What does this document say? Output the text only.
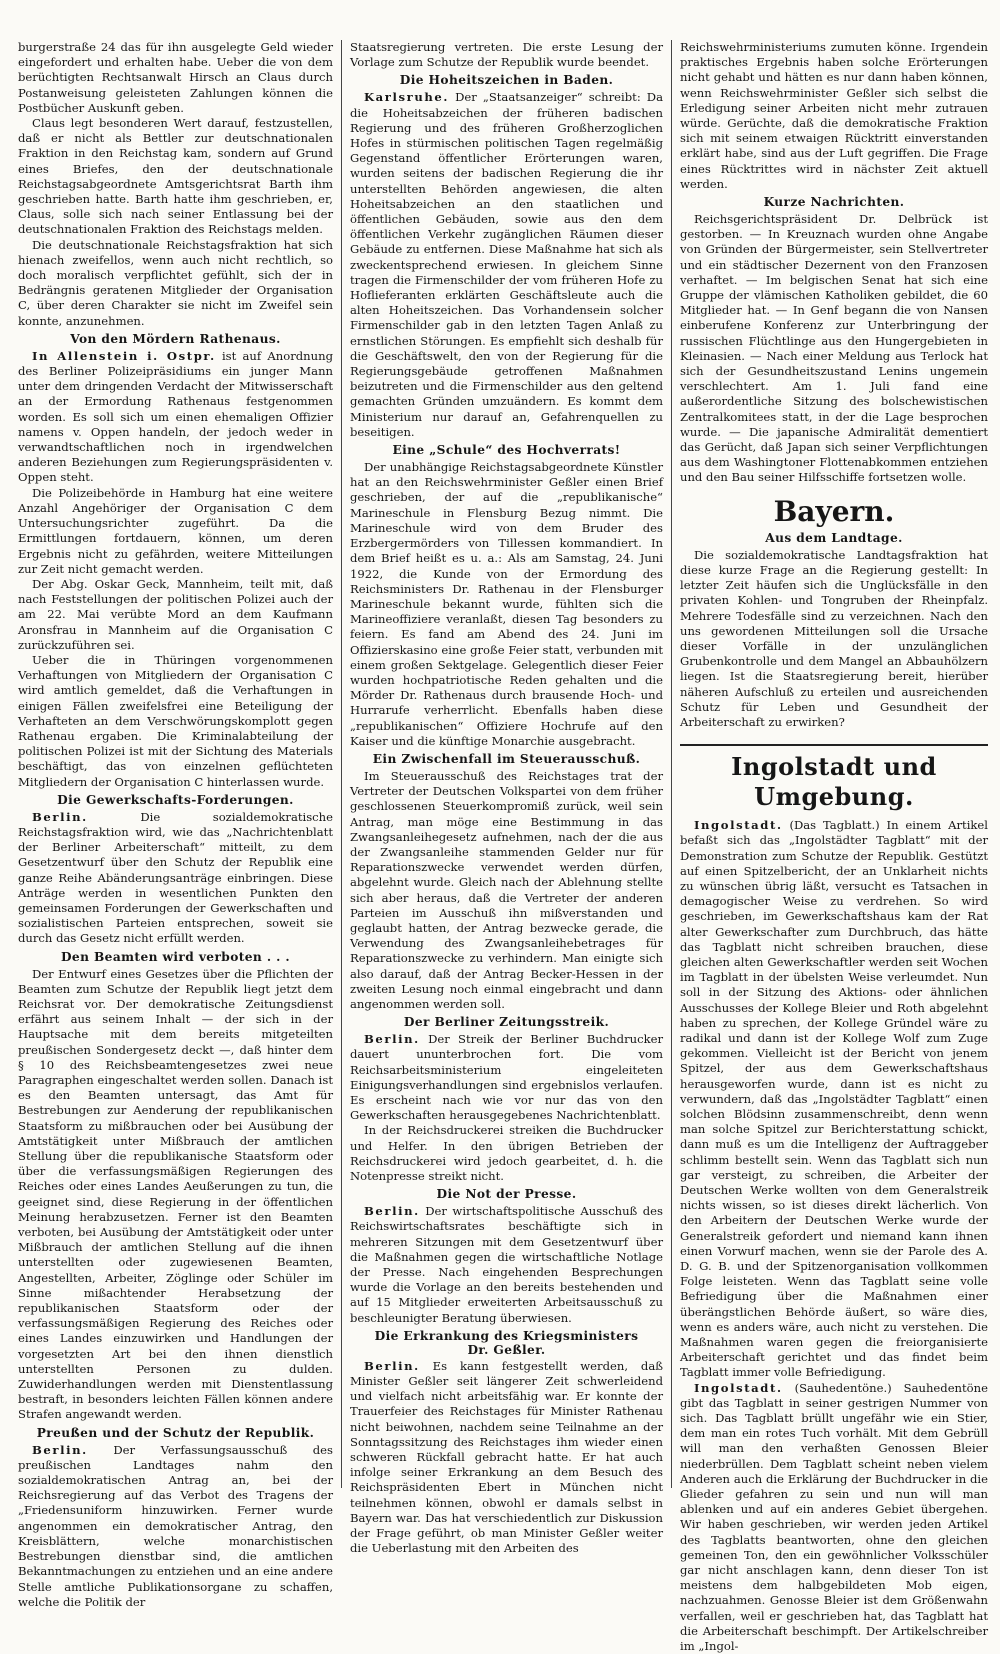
burgerstraße 24 das für ihn ausgelegte Geld wieder eingefordert und erhalten habe. Ueber die von dem berüchtigten Rechtsanwalt Hirsch an Claus durch Postanweisung geleisteten Zahlungen können die Postbücher Auskunft geben.

Claus legt besonderen Wert darauf, festzustellen, daß er nicht als Bettler zur deutschnationalen Fraktion in den Reichstag kam, sondern auf Grund eines Briefes, den der deutschnationale Reichstagsabgeordnete Amtsgerichtsrat Barth ihm geschrieben hatte. Barth hatte ihm geschrieben, er, Claus, solle sich nach seiner Entlassung bei der deutschnationalen Fraktion des Reichstags melden.

Die deutschnationale Reichstagsfraktion hat sich hienach zweifellos, wenn auch nicht rechtlich, so doch moralisch verpflichtet gefühlt, sich der in Bedrängnis geratenen Mitglieder der Organisation C, über deren Charakter sie nicht im Zweifel sein konnte, anzunehmen.

Von den Mördern Rathenaus.

In Allenstein i. Ostpr. ist auf Anordnung des Berliner Polizeipräsidiums ein junger Mann unter dem dringenden Verdacht der Mitwisserschaft an der Ermordung Rathenaus festgenommen worden. Es soll sich um einen ehemaligen Offizier namens v. Oppen handeln, der jedoch weder in verwandtschaftlichen noch in irgendwelchen anderen Beziehungen zum Regierungspräsidenten v. Oppen steht.

Die Polizeibehörde in Hamburg hat eine weitere Anzahl Angehöriger der Organisation C dem Untersuchungsrichter zugeführt. Da die Ermittlungen fortdauern, können, um deren Ergebnis nicht zu gefährden, weitere Mitteilungen zur Zeit nicht gemacht werden.

Der Abg. Oskar Geck, Mannheim, teilt mit, daß nach Feststellungen der politischen Polizei auch der am 22. Mai verübte Mord an dem Kaufmann Aronsfrau in Mannheim auf die Organisation C zurückzuführen sei.

Ueber die in Thüringen vorgenommenen Verhaftungen von Mitgliedern der Organisation C wird amtlich gemeldet, daß die Verhaftungen in einigen Fällen zweifelsfrei eine Beteiligung der Verhafteten an dem Verschwörungskomplott gegen Rathenau ergaben. Die Kriminalabteilung der politischen Polizei ist mit der Sichtung des Materials beschäftigt, das von einzelnen geflüchteten Mitgliedern der Organisation C hinterlassen wurde.

Die Gewerkschafts-Forderungen.

Berlin.	Die sozialdemokratische Reichstagsfraktion wird, wie das „Nachrichtenblatt der Berliner Arbeiterschaft“ mitteilt, zu dem Gesetzentwurf über den Schutz der Republik eine ganze Reihe Abänderungsanträge einbringen. Diese Anträge werden in wesentlichen Punkten den gemeinsamen Forderungen der Gewerkschaften und sozialistischen Parteien entsprechen, soweit sie durch das Gesetz nicht erfüllt werden.

Den Beamten wird verboten . . .

Der Entwurf eines Gesetzes über die Pflichten der Beamten zum Schutze der Republik liegt jetzt dem Reichsrat vor. Der demokratische Zeitungsdienst erfährt aus seinem Inhalt — der sich in der Hauptsache mit dem bereits mitgeteilten preußischen Sondergesetz deckt —, daß hinter dem § 10 des Reichsbeamtengesetzes zwei neue Paragraphen eingeschaltet werden sollen. Danach ist es den Beamten untersagt, das Amt für Bestrebungen zur Aenderung der republikanischen Staatsform zu mißbrauchen oder bei Ausübung der Amtstätigkeit unter Mißbrauch der amtlichen Stellung über die republikanische Staatsform oder über die verfassungsmäßigen Regierungen des Reiches oder eines Landes Aeußerungen zu tun, die geeignet sind, diese Regierung in der öffentlichen Meinung herabzusetzen. Ferner ist den Beamten verboten, bei Ausübung der Amtstätigkeit oder unter Mißbrauch der amtlichen Stellung auf die ihnen unterstellten oder zugewiesenen Beamten, Angestellten, Arbeiter, Zöglinge oder Schüler im Sinne mißachtender Herabsetzung der republikanischen Staatsform oder der verfassungsmäßigen Regierung des Reiches oder eines Landes einzuwirken und Handlungen der vorgesetzten Art bei den ihnen dienstlich unterstellten Personen zu dulden. Zuwiderhandlungen werden mit Dienstentlassung bestraft, in besonders leichten Fällen können andere Strafen angewandt werden.

Preußen und der Schutz der Republik.

Berlin. Der Verfassungsausschuß des preußischen Landtages nahm den sozialdemokratischen Antrag an, bei der Reichsregierung auf das Verbot des Tragens der „Friedensuniform hinzuwirken. Ferner wurde angenommen ein demokratischer Antrag, den Kreisblättern, welche monarchistischen Bestrebungen dienstbar sind, die amtlichen Bekanntmachungen zu entziehen und an eine andere Stelle amtliche Publikationsorgane zu schaffen, welche die Politik der

Staatsregierung vertreten. Die erste Lesung der Vorlage zum Schutze der Republik wurde beendet.

Die Hoheitszeichen in Baden.

Karlsruhe. Der „Staatsanzeiger“ schreibt: Da die Hoheitsabzeichen der früheren badischen Regierung und des früheren Großherzoglichen Hofes in stürmischen politischen Tagen regelmäßig Gegenstand öffentlicher Erörterungen waren, wurden seitens der badischen Regierung die ihr unterstellten Behörden angewiesen, die alten Hoheitsabzeichen an den staatlichen und öffentlichen Gebäuden, sowie aus den dem öffentlichen Verkehr zugänglichen Räumen dieser Gebäude zu entfernen. Diese Maßnahme hat sich als zweckentsprechend erwiesen. In gleichem Sinne tragen die Firmenschilder der vom früheren Hofe zu Hoflieferanten erklärten Geschäftsleute auch die alten Hoheitszeichen. Das Vorhandensein solcher Firmenschilder gab in den letzten Tagen Anlaß zu ernstlichen Störungen. Es empfiehlt sich deshalb für die Geschäftswelt, den von der Regierung für die Regierungsgebäude getroffenen Maßnahmen beizutreten und die Firmenschilder aus den geltend gemachten Gründen umzuändern. Es kommt dem Ministerium nur darauf an, Gefahrenquellen zu beseitigen.

Eine „Schule“ des Hochverrats!

Der unabhängige Reichstagsabgeordnete Künstler hat an den Reichswehrminister Geßler einen Brief geschrieben, der auf die „republikanische“ Marineschule in Flensburg Bezug nimmt. Die Marineschule wird von dem Bruder des Erzbergermörders von Tillessen kommandiert. In dem Brief heißt es u. a.: Als am Samstag, 24. Juni 1922, die Kunde von der Ermordung des Reichsministers Dr. Rathenau in der Flensburger Marineschule bekannt wurde, fühlten sich die Marineoffiziere veranlaßt, diesen Tag besonders zu feiern. Es fand am Abend des 24. Juni im Offizierskasino eine große Feier statt, verbunden mit einem großen Sektgelage. Gelegentlich dieser Feier wurden hochpatriotische Reden gehalten und die Mörder Dr. Rathenaus durch brausende Hoch- und Hurrarufe verherrlicht. Ebenfalls haben diese „republikanischen“ Offiziere Hochrufe auf den Kaiser und die künftige Monarchie ausgebracht.

Ein Zwischenfall im Steuerausschuß.

Im Steuerausschuß des Reichstages trat der Vertreter der Deutschen Volkspartei von dem früher geschlossenen Steuerkompromiß zurück, weil sein Antrag, man möge eine Bestimmung in das Zwangsanleihegesetz aufnehmen, nach der die aus der Zwangsanleihe stammenden Gelder nur für Reparationszwecke verwendet werden dürfen, abgelehnt wurde. Gleich nach der Ablehnung stellte sich aber heraus, daß die Vertreter der anderen Parteien im Ausschuß ihn mißverstanden und geglaubt hatten, der Antrag bezwecke gerade, die Verwendung des Zwangsanleihebetrages für Reparationszwecke zu verhindern. Man einigte sich also darauf, daß der Antrag Becker-Hessen in der zweiten Lesung noch einmal eingebracht und dann angenommen werden soll.

Der Berliner Zeitungsstreik.

Berlin. Der Streik der Berliner Buchdrucker dauert ununterbrochen fort. Die vom Reichsarbeitsministerium eingeleiteten Einigungsverhandlungen sind ergebnislos verlaufen. Es erscheint nach wie vor nur das von den Gewerkschaften herausgegebenes Nachrichtenblatt.

In der Reichsdruckerei streiken die Buchdrucker und Helfer. In den übrigen Betrieben der Reichsdruckerei wird jedoch gearbeitet, d. h. die Notenpresse streikt nicht.

Die Not der Presse.

Berlin. Der wirtschaftspolitische Ausschuß des Reichswirtschaftsrates beschäftigte sich in mehreren Sitzungen mit dem Gesetzentwurf über die Maßnahmen gegen die wirtschaftliche Notlage der Presse. Nach eingehenden Besprechungen wurde die Vorlage an den bereits bestehenden und auf 15 Mitglieder erweiterten Arbeitsausschuß zu beschleunigter Beratung überwiesen.

Die Erkrankung des Kriegsministers
Dr. Geßler.

Berlin. Es kann festgestellt werden, daß Minister Geßler seit längerer Zeit schwerleidend und vielfach nicht arbeitsfähig war. Er konnte der Trauerfeier des Reichstages für Minister Rathenau nicht beiwohnen, nachdem seine Teilnahme an der Sonntagssitzung des Reichstages ihm wieder einen schweren Rückfall gebracht hatte. Er hat auch infolge seiner Erkrankung an dem Besuch des Reichspräsidenten Ebert in München nicht teilnehmen können, obwohl er damals selbst in Bayern war. Das hat verschiedentlich zur Diskussion der Frage geführt, ob man Minister Geßler weiter die Ueberlastung mit den Arbeiten des

Reichswehrministeriums zumuten könne. Irgendein praktisches Ergebnis haben solche Erörterungen nicht gehabt und hätten es nur dann haben können, wenn Reichswehrminister Geßler sich selbst die Erledigung seiner Arbeiten nicht mehr zutrauen würde. Gerüchte, daß die demokratische Fraktion sich mit seinem etwaigen Rücktritt einverstanden erklärt habe, sind aus der Luft gegriffen. Die Frage eines Rücktrittes wird in nächster Zeit aktuell werden.

Kurze Nachrichten.

Reichsgerichtspräsident Dr. Delbrück ist gestorben. — In Kreuznach wurden ohne Angabe von Gründen der Bürgermeister, sein Stellvertreter und ein städtischer Dezernent von den Franzosen verhaftet. — Im belgischen Senat hat sich eine Gruppe der vlämischen Katholiken gebildet, die 60 Mitglieder hat. — In Genf begann die von Nansen einberufene Konferenz zur Unterbringung der russischen Flüchtlinge aus den Hungergebieten in Kleinasien. — Nach einer Meldung aus Terlock hat sich der Gesundheitszustand Lenins ungemein verschlechtert. Am 1. Juli fand eine außerordentliche Sitzung des bolschewistischen Zentralkomitees statt, in der die Lage besprochen wurde. — Die japanische Admiralität dementiert das Gerücht, daß Japan sich seiner Verpflichtungen aus dem Washingtoner Flottenabkommen entziehen und den Bau seiner Hilfsschiffe fortsetzen wolle.

Bayern.
Aus dem Landtage.

Die sozialdemokratische Landtagsfraktion hat diese kurze Frage an die Regierung gestellt: In letzter Zeit häufen sich die Unglücksfälle in den privaten Kohlen- und Tongruben der Rheinpfalz. Mehrere Todesfälle sind zu verzeichnen. Nach den uns gewordenen Mitteilungen soll die Ursache dieser Vorfälle in der unzulänglichen Grubenkontrolle und dem Mangel an Abbauhölzern liegen. Ist die Staatsregierung bereit, hierüber näheren Aufschluß zu erteilen und ausreichenden Schutz für Leben und Gesundheit der Arbeiterschaft zu erwirken?

Ingolstadt und Umgebung.

Ingolstadt. (Das Tagblatt.) In einem Artikel befaßt sich das „Ingolstädter Tagblatt“ mit der Demonstration zum Schutze der Republik. Gestützt auf einen Spitzelbericht, der an Unklarheit nichts zu wünschen übrig läßt, versucht es Tatsachen in demagogischer Weise zu verdrehen. So wird geschrieben, im Gewerkschaftshaus kam der Rat alter Gewerkschafter zum Durchbruch, das hätte das Tagblatt nicht schreiben brauchen, diese gleichen alten Gewerkschaftler werden seit Wochen im Tagblatt in der übelsten Weise verleumdet. Nun soll in der Sitzung des Aktions- oder ähnlichen Ausschusses der Kollege Bleier und Roth abgelehnt haben zu sprechen, der Kollege Gründel wäre zu radikal und dann ist der Kollege Wolf zum Zuge gekommen. Vielleicht ist der Bericht von jenem Spitzel, der aus dem Gewerkschaftshaus herausgeworfen wurde, dann ist es nicht zu verwundern, daß das „Ingolstädter Tagblatt“ einen solchen Blödsinn zusammenschreibt, denn wenn man solche Spitzel zur Berichterstattung schickt, dann muß es um die Intelligenz der Auftraggeber schlimm bestellt sein. Wenn das Tagblatt sich nun gar versteigt, zu schreiben, die Arbeiter der Deutschen Werke wollten von dem Generalstreik nichts wissen, so ist dieses direkt lächerlich. Von den Arbeitern der Deutschen Werke wurde der Generalstreik gefordert und niemand kann ihnen einen Vorwurf machen, wenn sie der Parole des A. D. G. B. und der Spitzenorganisation vollkommen Folge leisteten. Wenn das Tagblatt seine volle Befriedigung über die Maßnahmen einer überängstlichen Behörde äußert, so wäre dies, wenn es anders wäre, auch nicht zu verstehen. Die Maßnahmen waren gegen die freiorganisierte Arbeiterschaft gerichtet und das findet beim Tagblatt immer volle Befriedigung.

Ingolstadt. (Sauhedentöne.) Sauhedentöne gibt das Tagblatt in seiner gestrigen Nummer von sich. Das Tagblatt brüllt ungefähr wie ein Stier, dem man ein rotes Tuch vorhält. Mit dem Gebrüll will man den verhaßten Genossen Bleier niederbrüllen. Dem Tagblatt scheint neben vielem Anderen auch die Erklärung der Buchdrucker in die Glieder gefahren zu sein und nun will man ablenken und auf ein anderes Gebiet übergehen. Wir haben geschrieben, wir werden jeden Artikel des Tagblatts beantworten, ohne den gleichen gemeinen Ton, den ein gewöhnlicher Volksschüler gar nicht anschlagen kann, denn dieser Ton ist meistens dem halbgebildeten Mob eigen, nachzuahmen. Genosse Bleier ist dem Größenwahn verfallen, weil er geschrieben hat, das Tagblatt hat die Arbeiterschaft beschimpft. Der Artikelschreiber im „Ingol-
